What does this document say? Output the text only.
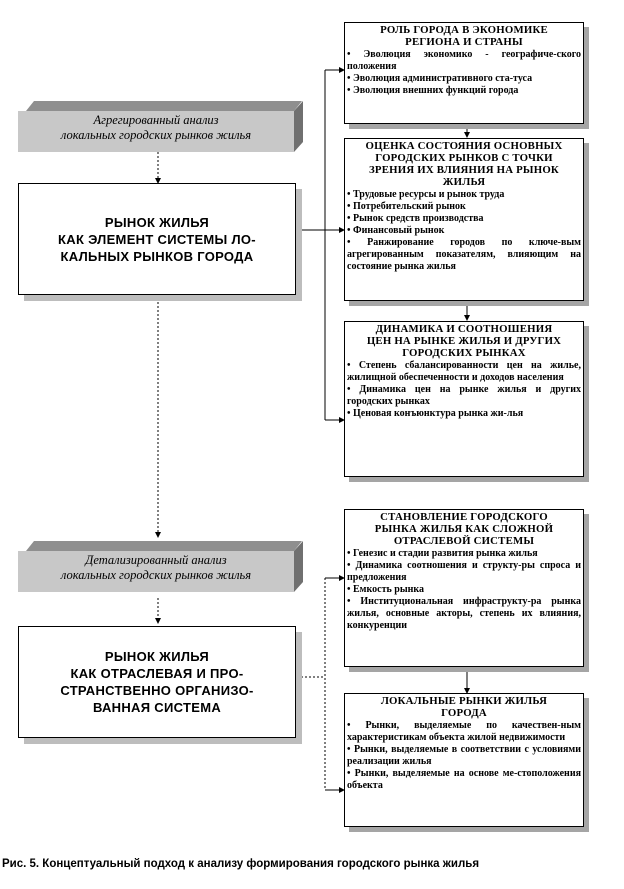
Агрегированный анализ
локальных городских рынков жилья
РЫНОК ЖИЛЬЯ
КАК ЭЛЕМЕНТ СИСТЕМЫ ЛО-
КАЛЬНЫХ РЫНКОВ ГОРОДА
Детализированный анализ
локальных городских рынков жилья
РЫНОК ЖИЛЬЯ
КАК ОТРАСЛЕВАЯ И ПРО-
СТРАНСТВЕННО ОРГАНИЗО-
ВАННАЯ СИСТЕМА
РОЛЬ ГОРОДА В ЭКОНОМИКЕ
РЕГИОНА И СТРАНЫ
• Эволюция экономико - географиче-ского положения
• Эволюция административного ста-туса
• Эволюция внешних функций города
ОЦЕНКА СОСТОЯНИЯ ОСНОВНЫХ
ГОРОДСКИХ РЫНКОВ С ТОЧКИ
ЗРЕНИЯ ИХ ВЛИЯНИЯ НА РЫНОК
ЖИЛЬЯ
• Трудовые ресурсы и рынок труда
• Потребительский рынок
• Рынок средств производства
• Финансовый рынок
• Ранжирование городов по ключе-вым агрегированным показателям, влияющим на состояние рынка жилья
ДИНАМИКА И СООТНОШЕНИЯ
ЦЕН НА РЫНКЕ ЖИЛЬЯ И ДРУГИХ
ГОРОДСКИХ РЫНКАХ
• Степень сбалансированности цен на жилье, жилищной обеспеченности и доходов населения
• Динамика цен на рынке жилья и других городских рынках
• Ценовая конъюнктура рынка жи-лья
СТАНОВЛЕНИЕ ГОРОДСКОГО
РЫНКА ЖИЛЬЯ КАК СЛОЖНОЙ
ОТРАСЛЕВОЙ СИСТЕМЫ
• Генезис и стадии развития рынка жилья
• Динамика соотношения и структу-ры спроса и предложения
• Емкость рынка
• Институциональная инфраструкту-ра рынка жилья, основные акторы, степень их влияния, конкуренции
ЛОКАЛЬНЫЕ РЫНКИ ЖИЛЬЯ
ГОРОДА
• Рынки, выделяемые по качествен-ным характеристикам объекта жилой недвижимости
• Рынки, выделяемые в соответствии с условиями реализации жилья
• Рынки, выделяемые на основе ме-стоположения объекта
Рис. 5. Концептуальный подход к анализу формирования городского рынка жилья
